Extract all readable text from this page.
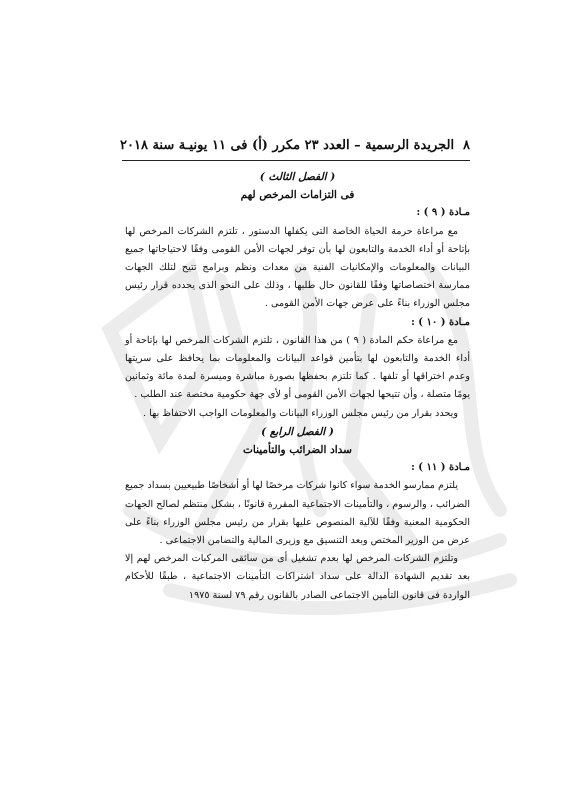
٨
الجريدة الرسمية – العدد ٢٣ مكرر (أ) فى ١١ يونيـة سنة ٢٠١٨

( الفصل الثالث )

فى التزامات المرخص لهم

مـادة ( ٩ ) :

مع مراعاة حرمة الحياة الخاصة التى يكفلها الدستور ، تلتزم الشركات المرخص لها بإتاحة أو أداء الخدمة والتابعون لها بأن توفر لجهات الأمن القومى وفقًا لاحتياجاتها جميع البيانات والمعلومات والإمكانيات الفنية من معدات ونظم وبرامج تتيح لتلك الجهات ممارسة اختصاصاتها وفقًا للقانون حال طلبها ، وذلك على النحو الذى يحدده قرار رئيس مجلس الوزراء بناءً على عرض جهات الأمن القومى .

مـادة ( ١٠ ) :

مع مراعاة حكم المادة ( ٩ ) من هذا القانون ، تلتزم الشركات المرخص لها بإتاحة أو أداء الخدمة والتابعون لها بتأمين قواعد البيانات والمعلومات بما يحافظ على سريتها وعدم اختراقها أو تلفها . كما تلتزم بحفظها بصورة مباشرة وميسرة لمدة مائة وثمانين يومًا متصلة ، وأن تتيحها لجهات الأمن القومى أو لأى جهة حكومية مختصة عند الطلب .

ويحدد بقرار من رئيس مجلس الوزراء البيانات والمعلومات الواجب الاحتفاظ بها .

( الفصل الرابع )

سداد الضرائب والتأمينات

مـادة ( ١١ ) :

يلتزم ممارسو الخدمة سواء كانوا شركات مرخصًا لها أو أشخاصًا طبيعيين بسداد جميع الضرائب ، والرسوم ، والتأمينات الاجتماعية المقررة قانونًا ، بشكل منتظم لصالح الجهات الحكومية المعنية وفقًا للآلية المنصوص عليها بقرار من رئيس مجلس الوزراء بناءً على عرض من الوزير المختص وبعد التنسيق مع وزيرى المالية والتضامن الاجتماعى .

وتلتزم الشركات المرخص لها بعدم تشغيل أى من سائقى المركبات المرخص لهم إلا بعد تقديم الشهادة الدالة على سداد اشتراكات التأمينات الاجتماعية ، طبقًا للأحكام الواردة فى قانون التأمين الاجتماعى الصادر بالقانون رقم ٧٩ لسنة ١٩٧٥
